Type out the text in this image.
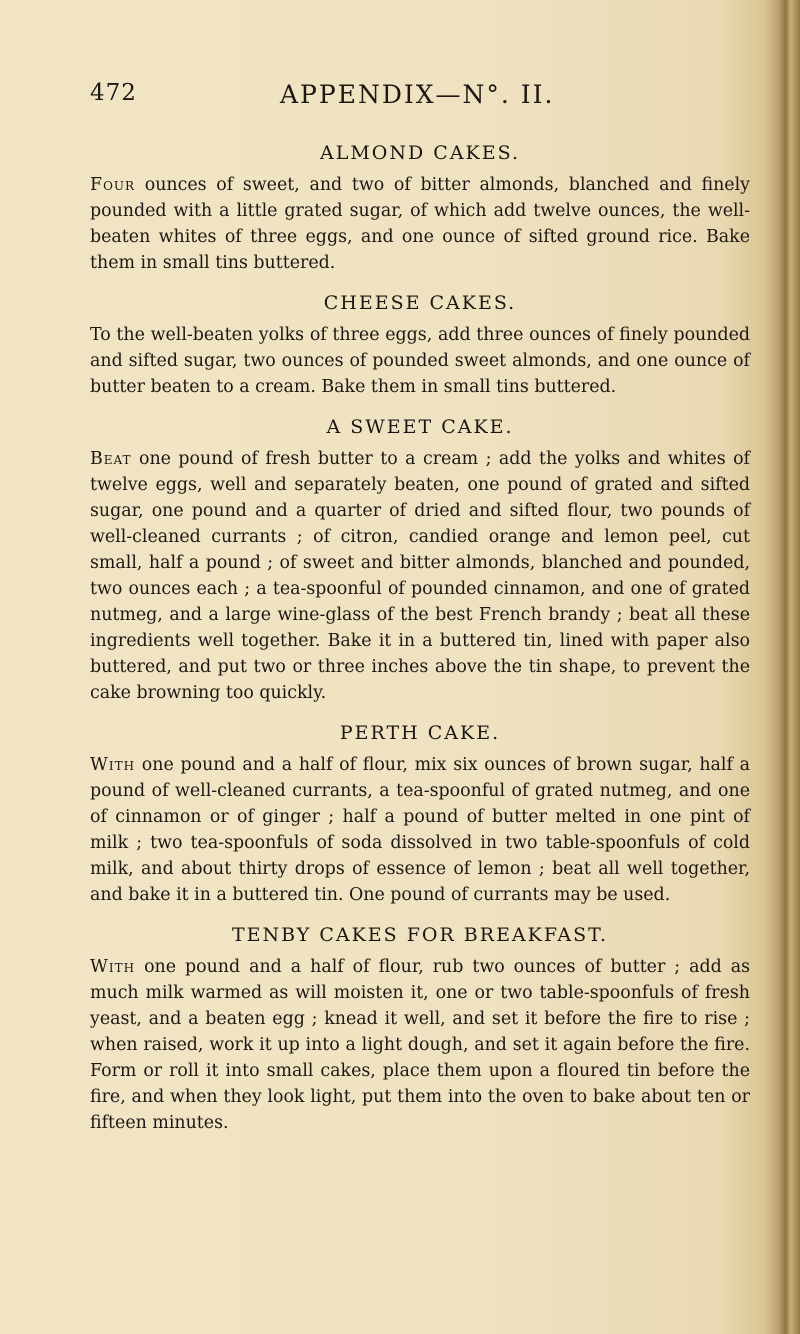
472	APPENDIX—N°. II.
ALMOND CAKES.

Four ounces of sweet, and two of bitter almonds, blanched and finely pounded with a little grated sugar, of which add twelve ounces, the well-beaten whites of three eggs, and one ounce of sifted ground rice. Bake them in small tins buttered.

CHEESE CAKES.

To the well-beaten yolks of three eggs, add three ounces of finely pounded and sifted sugar, two ounces of pounded sweet almonds, and one ounce of butter beaten to a cream. Bake them in small tins buttered.

A SWEET CAKE.

Beat one pound of fresh butter to a cream ; add the yolks and whites of twelve eggs, well and separately beaten, one pound of grated and sifted sugar, one pound and a quarter of dried and sifted flour, two pounds of well-cleaned currants ; of citron, candied orange and lemon peel, cut small, half a pound ; of sweet and bitter almonds, blanched and pounded, two ounces each ; a tea-spoonful of pounded cinnamon, and one of grated nutmeg, and a large wine-glass of the best French brandy ; beat all these ingredients well together. Bake it in a buttered tin, lined with paper also buttered, and put two or three inches above the tin shape, to prevent the cake browning too quickly.

PERTH CAKE.

With one pound and a half of flour, mix six ounces of brown sugar, half a pound of well-cleaned currants, a tea-spoonful of grated nutmeg, and one of cinnamon or of ginger ; half a pound of butter melted in one pint of milk ; two tea-spoonfuls of soda dissolved in two table-spoonfuls of cold milk, and about thirty drops of essence of lemon ; beat all well together, and bake it in a buttered tin. One pound of currants may be used.

TENBY CAKES FOR BREAKFAST.

With one pound and a half of flour, rub two ounces of butter ; add as much milk warmed as will moisten it, one or two table-spoonfuls of fresh yeast, and a beaten egg ; knead it well, and set it before the fire to rise ; when raised, work it up into a light dough, and set it again before the fire. Form or roll it into small cakes, place them upon a floured tin before the fire, and when they look light, put them into the oven to bake about ten or fifteen minutes.
